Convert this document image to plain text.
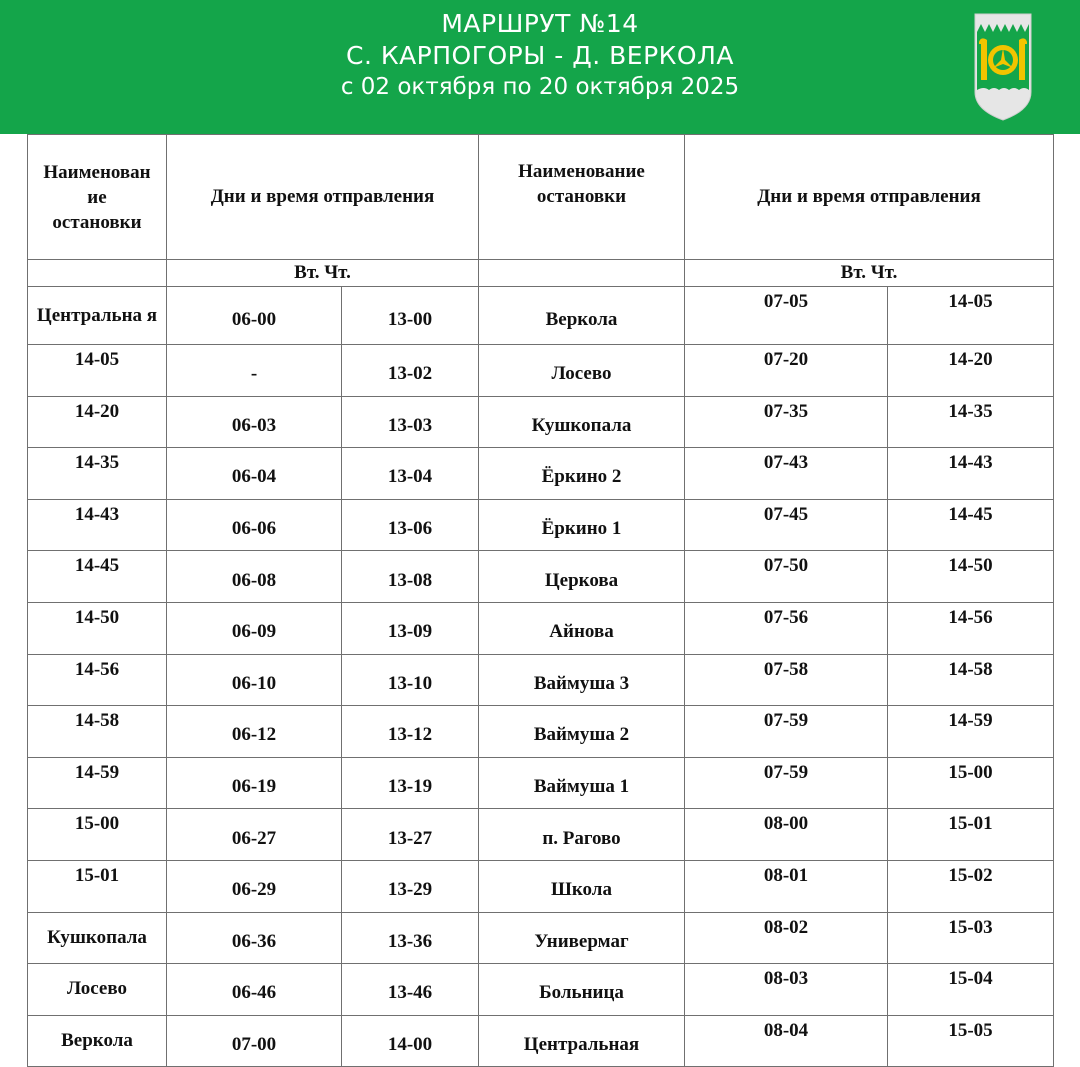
МАРШРУТ №14
С. КАРПОГОРЫ - Д. ВЕРКОЛА
с 02 октября по 20 октября 2025
Наименован
ие
остановки	Дни и время отправления		Наименование
остановки	Дни и время отправления	
	Вт. Чт.			Вт. Чт.	
Центральна я	06-00	13-00	Веркола	07-05	14-05
14-05	-	13-02	Лосево	07-20	14-20
14-20	06-03	13-03	Кушкопала	07-35	14-35
14-35	06-04	13-04	Ёркино 2	07-43	14-43
14-43	06-06	13-06	Ёркино 1	07-45	14-45
14-45	06-08	13-08	Церкова	07-50	14-50
14-50	06-09	13-09	Айнова	07-56	14-56
14-56	06-10	13-10	Ваймуша 3	07-58	14-58
14-58	06-12	13-12	Ваймуша 2	07-59	14-59
14-59	06-19	13-19	Ваймуша 1	07-59	15-00
15-00	06-27	13-27	п. Рагово	08-00	15-01
15-01	06-29	13-29	Школа	08-01	15-02
Кушкопала	06-36	13-36	Универмаг	08-02	15-03
Лосево	06-46	13-46	Больница	08-03	15-04
Веркола	07-00	14-00	Центральная	08-04	15-05
